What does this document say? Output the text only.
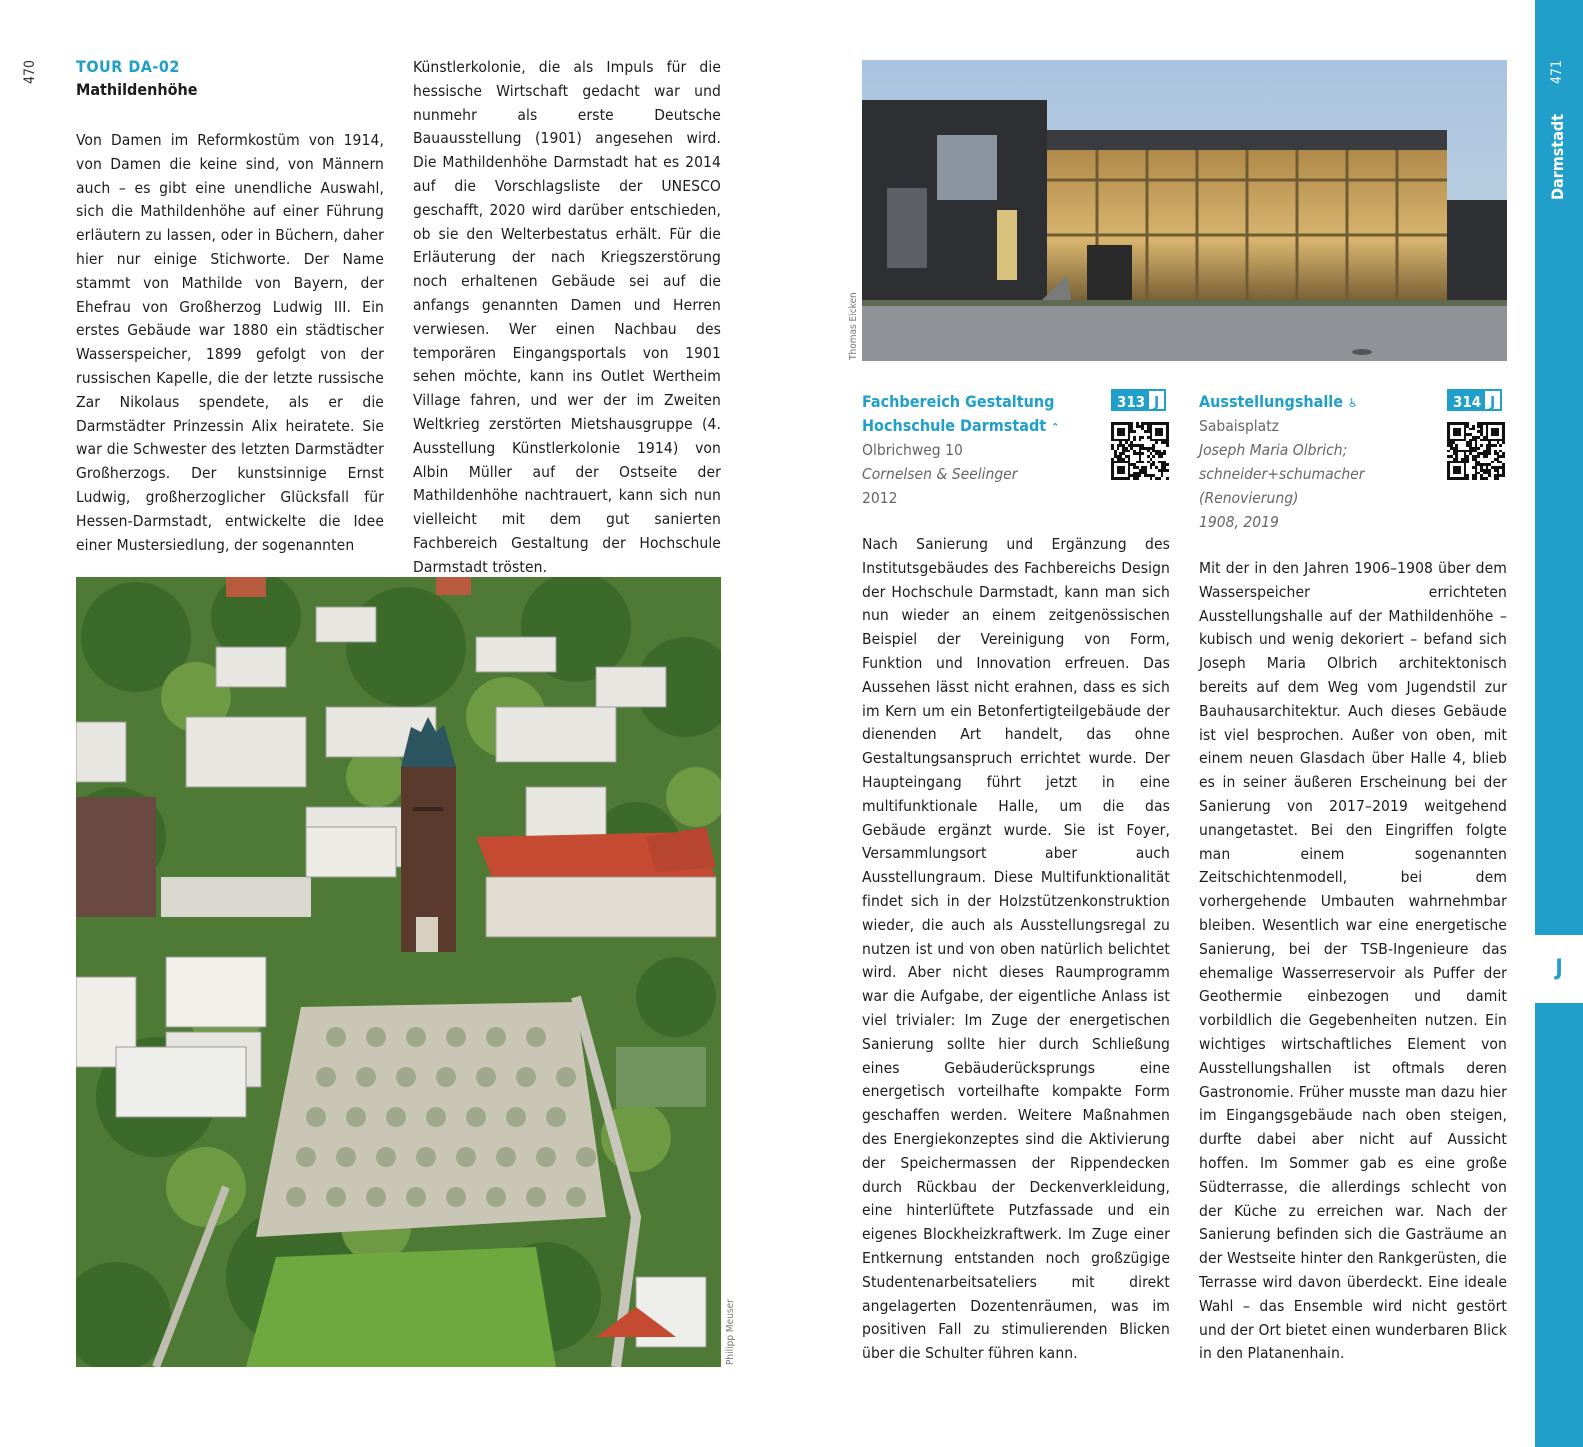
470 TOUR DA-02
Mathildenhöhe
Von Damen im Reformkostüm von 1914, von Damen die keine sind, von Männern auch – es gibt eine unendliche Auswahl, sich die Mathildenhöhe auf einer Führung erläutern zu lassen, oder in Büchern, daher hier nur einige Stichworte. Der Name stammt von Mathilde von Bayern, der Ehefrau von Großherzog Ludwig III. Ein erstes Gebäude war 1880 ein städtischer Wasserspeicher, 1899 gefolgt von der russischen Kapelle, die der letzte russische Zar Nikolaus spendete, als er die Darmstädter Prinzessin Alix heiratete. Sie war die Schwester des letzten Darmstädter Großherzogs. Der kunstsinnige Ernst Ludwig, großherzoglicher Glücksfall für Hessen-Darmstadt, entwickelte die Idee einer Mustersiedlung, der sogenannten
Künstlerkolonie, die als Impuls für die hessische Wirtschaft gedacht war und nunmehr als erste Deutsche Bauausstellung (1901) angesehen wird. Die Mathildenhöhe Darmstadt hat es 2014 auf die Vorschlagsliste der UNESCO geschafft, 2020 wird darüber entschieden, ob sie den Welterbestatus erhält. Für die Erläuterung der nach Kriegszerstörung noch erhaltenen Gebäude sei auf die anfangs genannten Damen und Herren verwiesen. Wer einen Nachbau des temporären Eingangsportals von 1901 sehen möchte, kann ins Outlet Wertheim Village fahren, und wer der im Zweiten Weltkrieg zerstörten Mietshausgruppe (4. Ausstellung Künstlerkolonie 1914) von Albin Müller auf der Ostseite der Mathildenhöhe nachtrauert, kann sich nun vielleicht mit dem gut sanierten Fachbereich Gestaltung der Hochschule Darmstadt trösten.
Philipp Meuser
Thomas Eicken
Fachbereich Gestaltung
Hochschule Darmstadt ⌃
313 J
Olbrichweg 10
Cornelsen & Seelinger
2012
Nach Sanierung und Ergänzung des Institutsgebäudes des Fachbereichs Design der Hochschule Darmstadt, kann man sich nun wieder an einem zeitgenössischen Beispiel der Vereinigung von Form, Funktion und Innovation erfreuen. Das Aussehen lässt nicht erahnen, dass es sich im Kern um ein Betonfertigteilgebäude der dienenden Art handelt, das ohne Gestaltungsanspruch errichtet wurde. Der Haupteingang führt jetzt in eine multifunktionale Halle, um die das Gebäude ergänzt wurde. Sie ist Foyer, Versammlungsort aber auch Ausstellungraum. Diese Multifunktionalität findet sich in der Holzstützenkonstruktion wieder, die auch als Ausstellungsregal zu nutzen ist und von oben natürlich belichtet wird. Aber nicht dieses Raumprogramm war die Aufgabe, der eigentliche Anlass ist viel trivialer: Im Zuge der energetischen Sanierung sollte hier durch Schließung eines Gebäuderücksprungs eine energetisch vorteilhafte kompakte Form geschaffen werden. Weitere Maßnahmen des Energiekonzeptes sind die Aktivierung der Speichermassen der Rippendecken durch Rückbau der Deckenverkleidung, eine hinterlüftete Putzfassade und ein eigenes Blockheizkraftwerk. Im Zuge einer Entkernung entstanden noch großzügige Studentenarbeitsateliers mit direkt angelagerten Dozentenräumen, was im positiven Fall zu stimulierenden Blicken über die Schulter führen kann.
Ausstellungshalle ♿	314 J
Sabaisplatz
Joseph Maria Olbrich;
schneider+schumacher
(Renovierung)
1908, 2019
Mit der in den Jahren 1906–1908 über dem Wasserspeicher errichteten Ausstellungshalle auf der Mathildenhöhe – kubisch und wenig dekoriert – befand sich Joseph Maria Olbrich architektonisch bereits auf dem Weg vom Jugendstil zur Bauhausarchitektur. Auch dieses Gebäude ist viel besprochen. Außer von oben, mit einem neuen Glasdach über Halle 4, blieb es in seiner äußeren Erscheinung bei der Sanierung von 2017–2019 weitgehend unangetastet. Bei den Eingriffen folgte man einem sogenannten Zeitschichtenmodell, bei dem vorhergehende Umbauten wahrnehmbar bleiben. Wesentlich war eine energetische Sanierung, bei der TSB-Ingenieure das ehemalige Wasserreservoir als Puffer der Geothermie einbezogen und damit vorbildlich die Gegebenheiten nutzen. Ein wichtiges wirtschaftliches Element von Ausstellungshallen ist oftmals deren Gastronomie. Früher musste man dazu hier im Eingangsgebäude nach oben steigen, durfte dabei aber nicht auf Aussicht hoffen. Im Sommer gab es eine große Südterrasse, die allerdings schlecht von der Küche zu erreichen war. Nach der Sanierung befinden sich die Gasträume an der Westseite hinter den Rankgerüsten, die Terrasse wird davon überdeckt. Eine ideale Wahl – das Ensemble wird nicht gestört und der Ort bietet einen wunderbaren Blick in den Platanenhain.
471
Darmstadt
J
